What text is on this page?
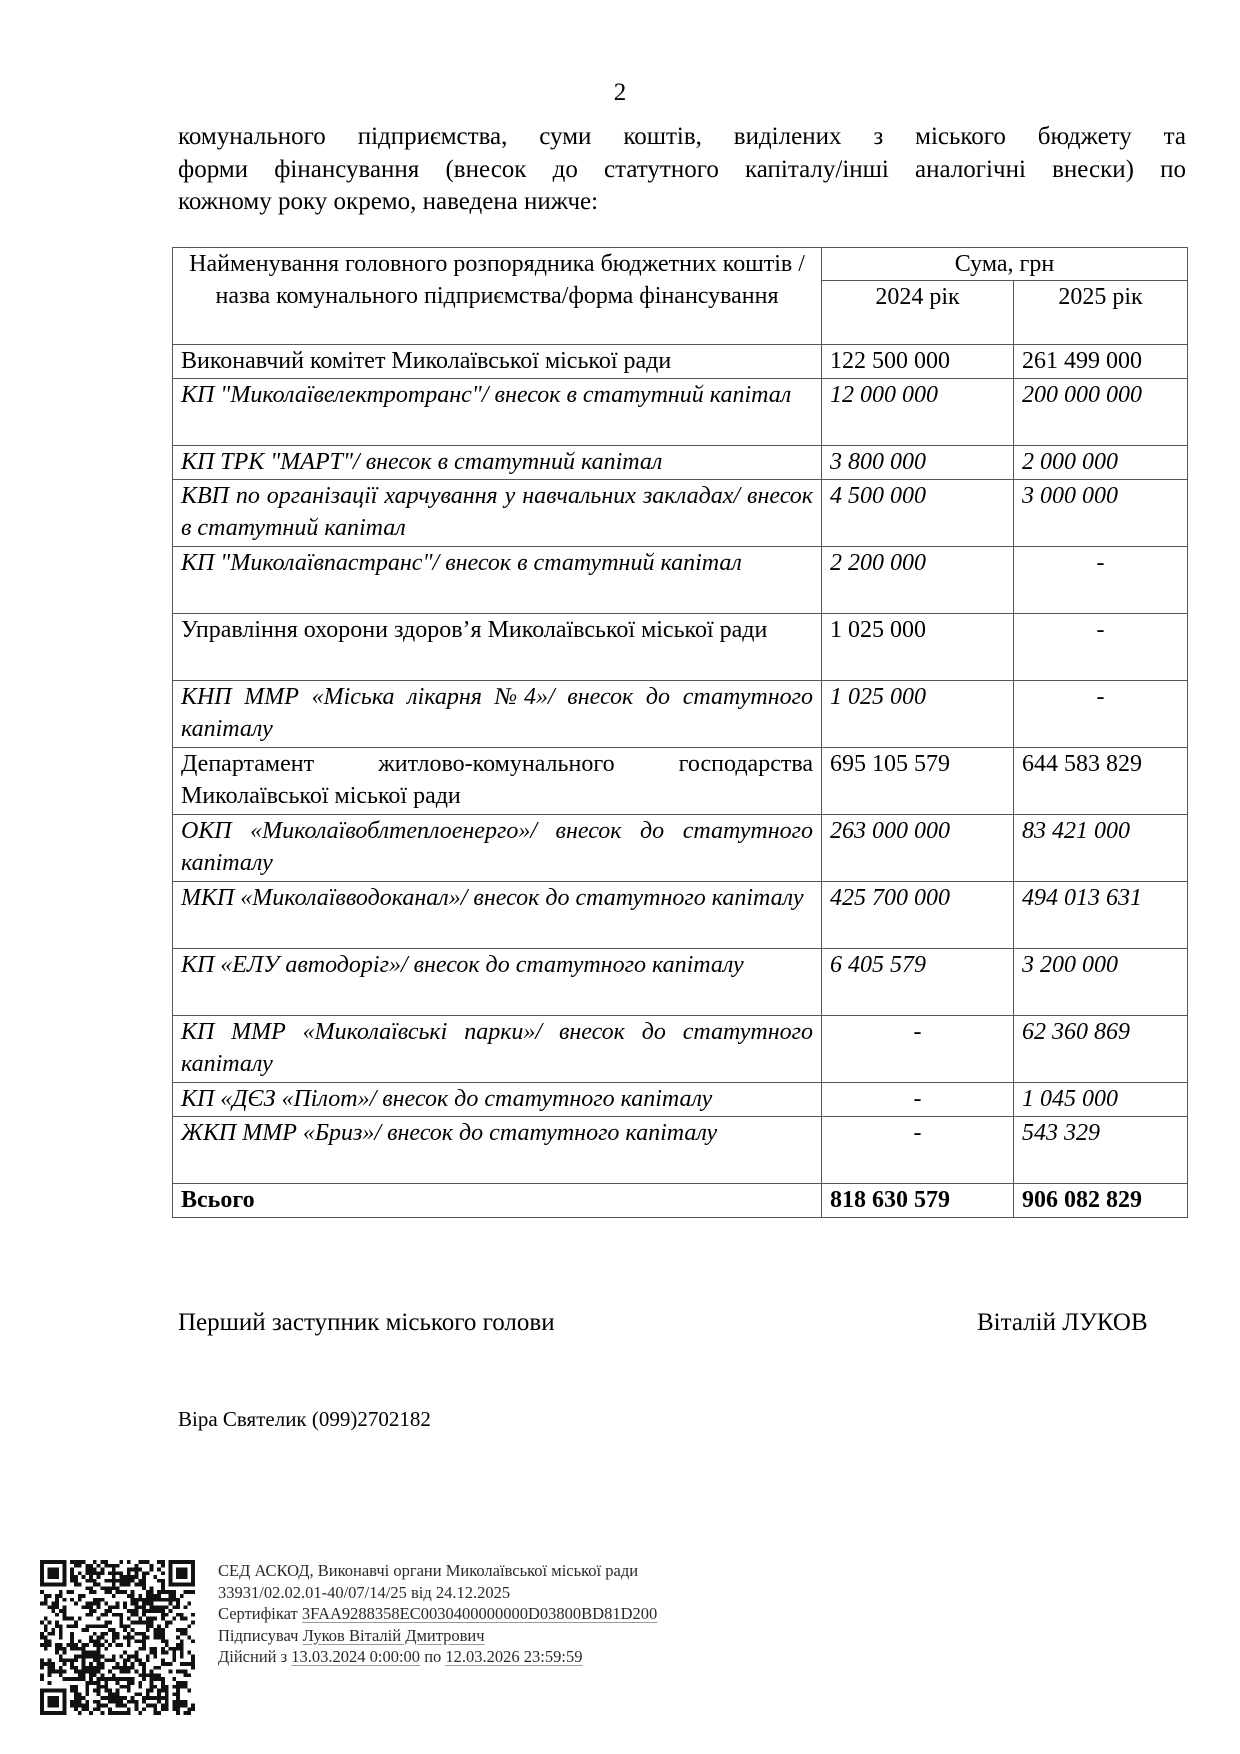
2

комунального підприємства, суми коштів, виділених з міського бюджету та
форми фінансування (внесок до статутного капіталу/інші аналогічні внески) по
кожному року окремо, наведена нижче:

Найменування головного розпорядника бюджетних коштів /назва комунального підприємства/форма фінансування	Сума, грн	
	2024 рік	2025 рік
Виконавчий комітет Миколаївської міської ради	122 500 000	261 499 000
КП "Миколаївелектротранс"/ внесок в статутний капітал	12 000 000	200 000 000
КП ТРК "МАРТ"/ внесок в статутний капітал	3 800 000	2 000 000
КВП по організації харчування у навчальних закладах/ внесок в статутний капітал	4 500 000	3 000 000
КП "Миколаївпастранс"/ внесок в статутний капітал	2 200 000	-
Управління охорони здоров’я Миколаївської міської ради	1 025 000	-
КНП ММР «Міська лікарня №4»/ внесок до статутного капіталу	1 025 000	-
Департамент житлово-комунального господарства Миколаївської міської ради	695 105 579	644 583 829
ОКП «Миколаївоблтеплоенерго»/ внесок до статутного капіталу	263 000 000	83 421 000
МКП «Миколаївводоканал»/ внесок до статутного капіталу	425 700 000	494 013 631
КП «ЕЛУ автодоріг»/ внесок до статутного капіталу	6 405 579	3 200 000
КП ММР «Миколаївські парки»/ внесок до статутного капіталу	-	62 360 869
КП «ДЄЗ «Пілот»/ внесок до статутного капіталу	-	1 045 000
ЖКП ММР «Бриз»/ внесок до статутного капіталу	-	543 329
Всього	818 630 579	906 082 829
Перший заступник міського голови	Віталій ЛУКОВ
Віра Святелик (099)2702182
СЕД АСКОД, Виконавчі органи Миколаївської міської ради
33931/02.02.01-40/07/14/25 від 24.12.2025
Сертифікат 3FAA9288358EC0030400000000D03800BD81D200
Підписувач Луков Віталій Дмитрович
Дійсний з 13.03.2024 0:00:00 по 12.03.2026 23:59:59
